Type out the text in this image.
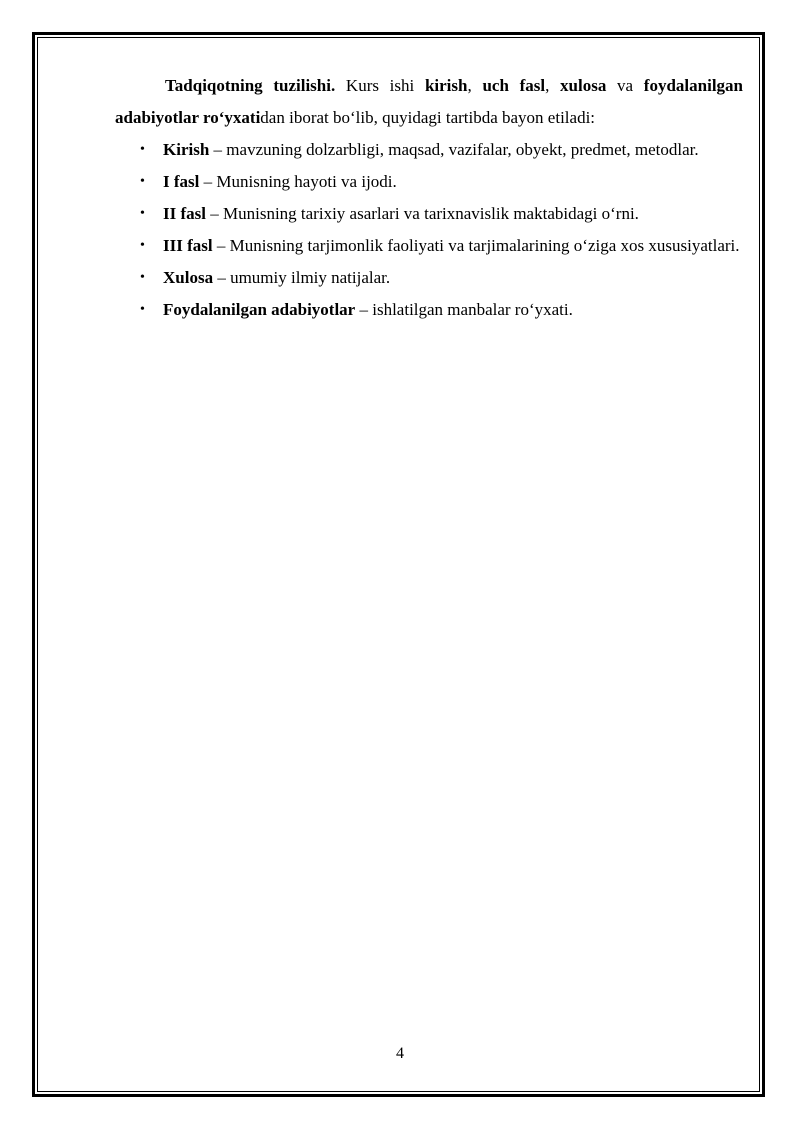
Tadqiqotning tuzilishi. Kurs ishi kirish, uch fasl, xulosa va foydalanilgan adabiyotlar roʻyxatidan iborat boʻlib, quyidagi tartibda bayon etiladi:

• Kirish – mavzuning dolzarbligi, maqsad, vazifalar, obyekt, predmet, metodlar.
• I fasl – Munisning hayoti va ijodi.
• II fasl – Munisning tarixiy asarlari va tarixnavislik maktabidagi oʻrni.
• III fasl – Munisning tarjimonlik faoliyati va tarjimalarining oʻziga xos xususiyatlari.
• Xulosa – umumiy ilmiy natijalar.
• Foydalanilgan adabiyotlar – ishlatilgan manbalar roʻyxati.
4
